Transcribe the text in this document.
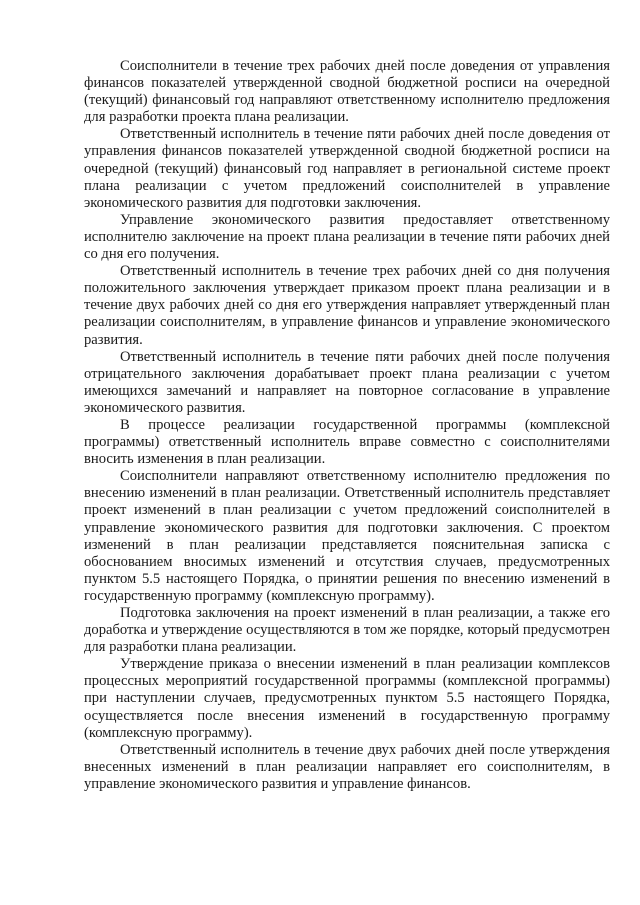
Соисполнители в течение трех рабочих дней после доведения от управления финансов показателей утвержденной сводной бюджетной росписи на очередной (текущий) финансовый год направляют ответственному исполнителю предложения для разработки проекта плана реализации.

Ответственный исполнитель в течение пяти рабочих дней после доведения от управления финансов показателей утвержденной сводной бюджетной росписи на очередной (текущий) финансовый год направляет в региональной системе проект плана реализации с учетом предложений соисполнителей в управление экономического развития для подготовки заключения.

Управление экономического развития предоставляет ответственному исполнителю заключение на проект плана реализации в течение пяти рабочих дней со дня его получения.

Ответственный исполнитель в течение трех рабочих дней со дня получения положительного заключения утверждает приказом проект плана реализации и в течение двух рабочих дней со дня его утверждения направляет утвержденный план реализации соисполнителям, в управление финансов и управление экономического развития.

Ответственный исполнитель в течение пяти рабочих дней после получения отрицательного заключения дорабатывает проект плана реализации с учетом имеющихся замечаний и направляет на повторное согласование в управление экономического развития.

В процессе реализации государственной программы (комплексной программы) ответственный исполнитель вправе совместно с соисполнителями вносить изменения в план реализации.

Соисполнители направляют ответственному исполнителю предложения по внесению изменений в план реализации. Ответственный исполнитель представляет проект изменений в план реализации с учетом предложений соисполнителей в управление экономического развития для подготовки заключения. С проектом изменений в план реализации представляется пояснительная записка с обоснованием вносимых изменений и отсутствия случаев, предусмотренных пунктом 5.5 настоящего Порядка, о принятии решения по внесению изменений в государственную программу (комплексную программу).

Подготовка заключения на проект изменений в план реализации, а также его доработка и утверждение осуществляются в том же порядке, который предусмотрен для разработки плана реализации.

Утверждение приказа о внесении изменений в план реализации комплексов процессных мероприятий государственной программы (комплексной программы) при наступлении случаев, предусмотренных пунктом 5.5 настоящего Порядка, осуществляется после внесения изменений в государственную программу (комплексную программу).

Ответственный исполнитель в течение двух рабочих дней после утверждения внесенных изменений в план реализации направляет его соисполнителям, в управление экономического развития и управление финансов.
